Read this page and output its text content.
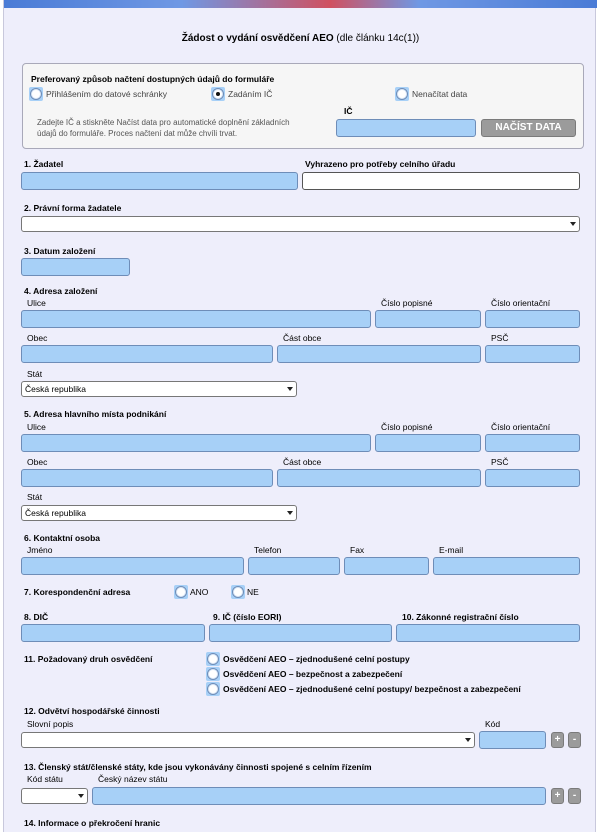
Žádost o vydání osvědčení AEO (dle článku 14c(1))
Preferovaný způsob načtení dostupných údajů do formuláře
Přihlášením do datové schránky	Zadáním IČ	Nenačítat data
Zadejte IČ a stiskněte Načíst data pro automatické doplnění základních
údajů do formuláře. Proces načtení dat může chvíli trvat.
IČ
NAČÍST DATA
1. Žadatel	Vyhrazeno pro potřeby celního úřadu
2. Právní forma žadatele
3. Datum založení
4. Adresa založení
Ulice	Číslo popisné	Číslo orientační
Obec	Část obce	PSČ
Stát
Česká republika
5. Adresa hlavního místa podnikání
Ulice	Číslo popisné	Číslo orientační
Obec	Část obce	PSČ
Stát
Česká republika
6. Kontaktní osoba
Jméno	Telefon	Fax	E-mail
7. Korespondenční adresa	ANO	NE
8. DIČ	9. IČ (číslo EORI)	10. Zákonné registrační číslo
11. Požadovaný druh osvědčení	Osvědčení AEO – zjednodušené celní postupy
Osvědčení AEO – bezpečnost a zabezpečení
Osvědčení AEO – zjednodušené celní postupy/ bezpečnost a zabezpečení
12. Odvětví hospodářské činnosti
Slovní popis	Kód
+	-
13. Členský stát/členské státy, kde jsou vykonávány činnosti spojené s celním řízením
Kód státu	Český název státu
+	-
14. Informace o překročení hranic
